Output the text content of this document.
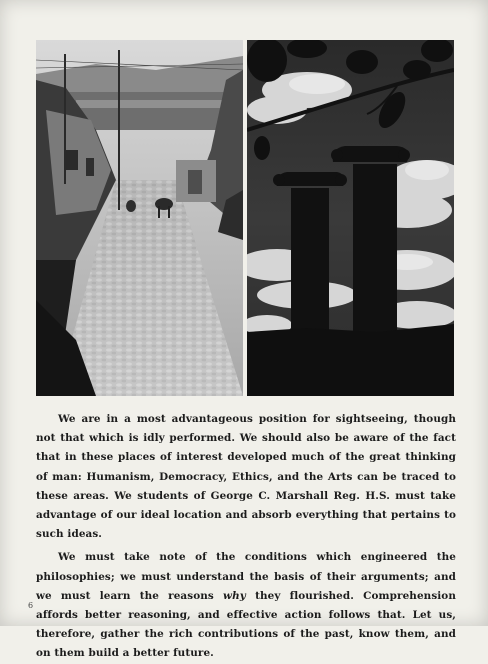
We are in a most advantageous position for sightseeing, though not that which is idly performed. We should also be aware of the fact that in these places of interest developed much of the great thinking of man: Humanism, Democracy, Ethics, and the Arts can be traced to these areas. We students of George C. Marshall Reg. H.S. must take advantage of our ideal location and absorb everything that pertains to such ideas.

We must take note of the conditions which engineered the philosophies; we must understand the basis of their arguments; and we must learn the reasons why they flourished. Comprehension affords better reasoning, and effective action follows that. Let us, therefore, gather the rich contributions of the past, know them, and on them build a better future.

6
